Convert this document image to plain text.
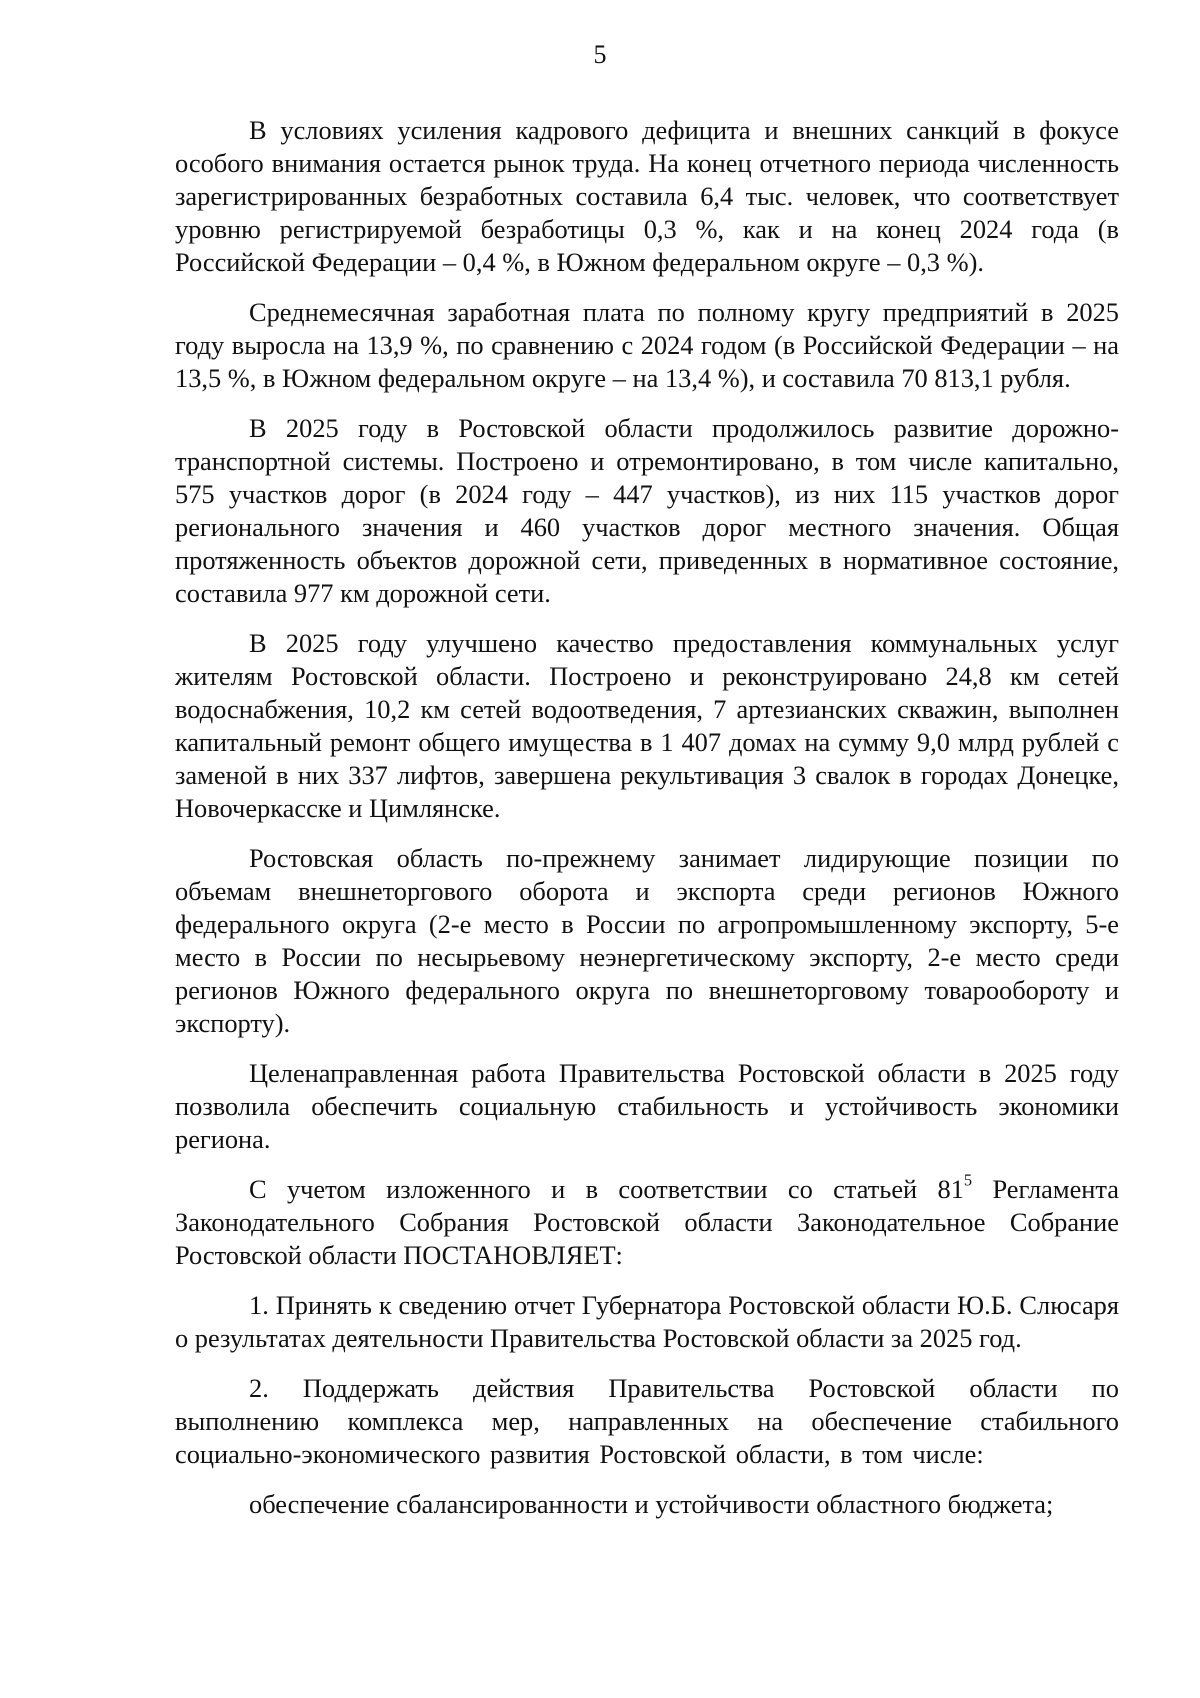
5

В условиях усиления кадрового дефицита и внешних санкций в фокусе особого внимания остается рынок труда. На конец отчетного периода численность зарегистрированных безработных составила 6,4 тыс. человек, что соответствует уровню регистрируемой безработицы 0,3 %, как и на конец 2024 года (в Российской Федерации – 0,4 %, в Южном федеральном округе – 0,3 %).

Среднемесячная заработная плата по полному кругу предприятий в 2025 году выросла на 13,9 %, по сравнению с 2024 годом (в Российской Федерации – на 13,5 %, в Южном федеральном округе – на 13,4 %), и составила 70 813,1 рубля.

В 2025 году в Ростовской области продолжилось развитие дорожно-транспортной системы. Построено и отремонтировано, в том числе капитально, 575 участков дорог (в 2024 году – 447 участков), из них 115 участков дорог регионального значения и 460 участков дорог местного значения. Общая протяженность объектов дорожной сети, приведенных в нормативное состояние, составила 977 км дорожной сети.

В 2025 году улучшено качество предоставления коммунальных услуг жителям Ростовской области. Построено и реконструировано 24,8 км сетей водоснабжения, 10,2 км сетей водоотведения, 7 артезианских скважин, выполнен капитальный ремонт общего имущества в 1 407 домах на сумму 9,0 млрд рублей с заменой в них 337 лифтов, завершена рекультивация 3 свалок в городах Донецке, Новочеркасске и Цимлянске.

Ростовская область по-прежнему занимает лидирующие позиции по объемам внешнеторгового оборота и экспорта среди регионов Южного федерального округа (2-е место в России по агропромышленному экспорту, 5-е место в России по несырьевому неэнергетическому экспорту, 2-е место среди регионов Южного федерального округа по внешнеторговому товарообороту и экспорту).

Целенаправленная работа Правительства Ростовской области в 2025 году позволила обеспечить социальную стабильность и устойчивость экономики региона.

С учетом изложенного и в соответствии со статьей $81^5$ Регламента Законодательного Собрания Ростовской области Законодательное Собрание Ростовской области ПОСТАНОВЛЯЕТ:

1. Принять к сведению отчет Губернатора Ростовской области Ю.Б. Слюсаря о результатах деятельности Правительства Ростовской области за 2025 год.

2. Поддержать действия Правительства Ростовской области по выполнению комплекса мер, направленных на обеспечение стабильного социально-экономического развития Ростовской области, в том числе:

обеспечение сбалансированности и устойчивости областного бюджета;
